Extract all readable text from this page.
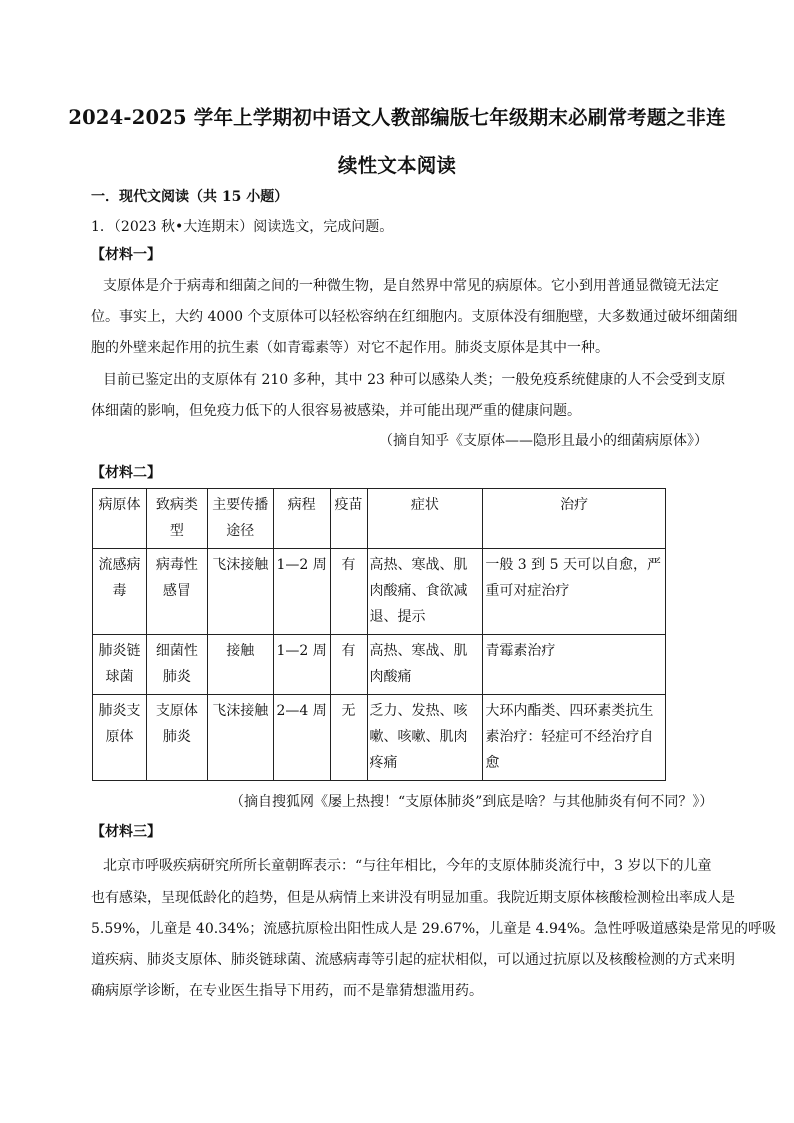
2024-2025 学年上学期初中语文人教部编版七年级期末必刷常考题之非连
续性文本阅读

一．现代文阅读（共 15 小题）

1．（2023 秋•大连期末）阅读选文，完成问题。

【材料一】

支原体是介于病毒和细菌之间的一种微生物，是自然界中常见的病原体。它小到用普通显微镜无法定

位。事实上，大约 4000 个支原体可以轻松容纳在红细胞内。支原体没有细胞壁，大多数通过破坏细菌细

胞的外壁来起作用的抗生素（如青霉素等）对它不起作用。肺炎支原体是其中一种。

目前已鉴定出的支原体有 210 多种，其中 23 种可以感染人类；一般免疫系统健康的人不会受到支原

体细菌的影响，但免疫力低下的人很容易被感染，并可能出现严重的健康问题。

（摘自知乎《支原体——隐形且最小的细菌病原体》）

【材料二】

病原体	致病类型	主要传播途径	病程	疫苗	症状	治疗
流感病毒	病毒性感冒	飞沫接触	1—2 周	有	高热、寒战、肌肉酸痛、食欲减退、提示	一般 3 到 5 天可以自愈，严重可对症治疗
肺炎链球菌	细菌性肺炎	接触	1—2 周	有	高热、寒战、肌肉酸痛	青霉素治疗
肺炎支原体	支原体肺炎	飞沫接触	2—4 周	无	乏力、发热、咳嗽、咳嗽、肌肉疼痛	大环内酯类、四环素类抗生素治疗：轻症可不经治疗自愈

（摘自搜狐网《屡上热搜！“支原体肺炎”到底是啥？与其他肺炎有何不同？》）

【材料三】

北京市呼吸疾病研究所所长童朝晖表示：“与往年相比，今年的支原体肺炎流行中，3 岁以下的儿童

也有感染，呈现低龄化的趋势，但是从病情上来讲没有明显加重。我院近期支原体核酸检测检出率成人是

5.59%，儿童是 40.34%；流感抗原检出阳性成人是 29.67%，儿童是 4.94%。急性呼吸道感染是常见的呼吸

道疾病、肺炎支原体、肺炎链球菌、流感病毒等引起的症状相似，可以通过抗原以及核酸检测的方式来明

确病原学诊断，在专业医生指导下用药，而不是靠猜想滥用药。
